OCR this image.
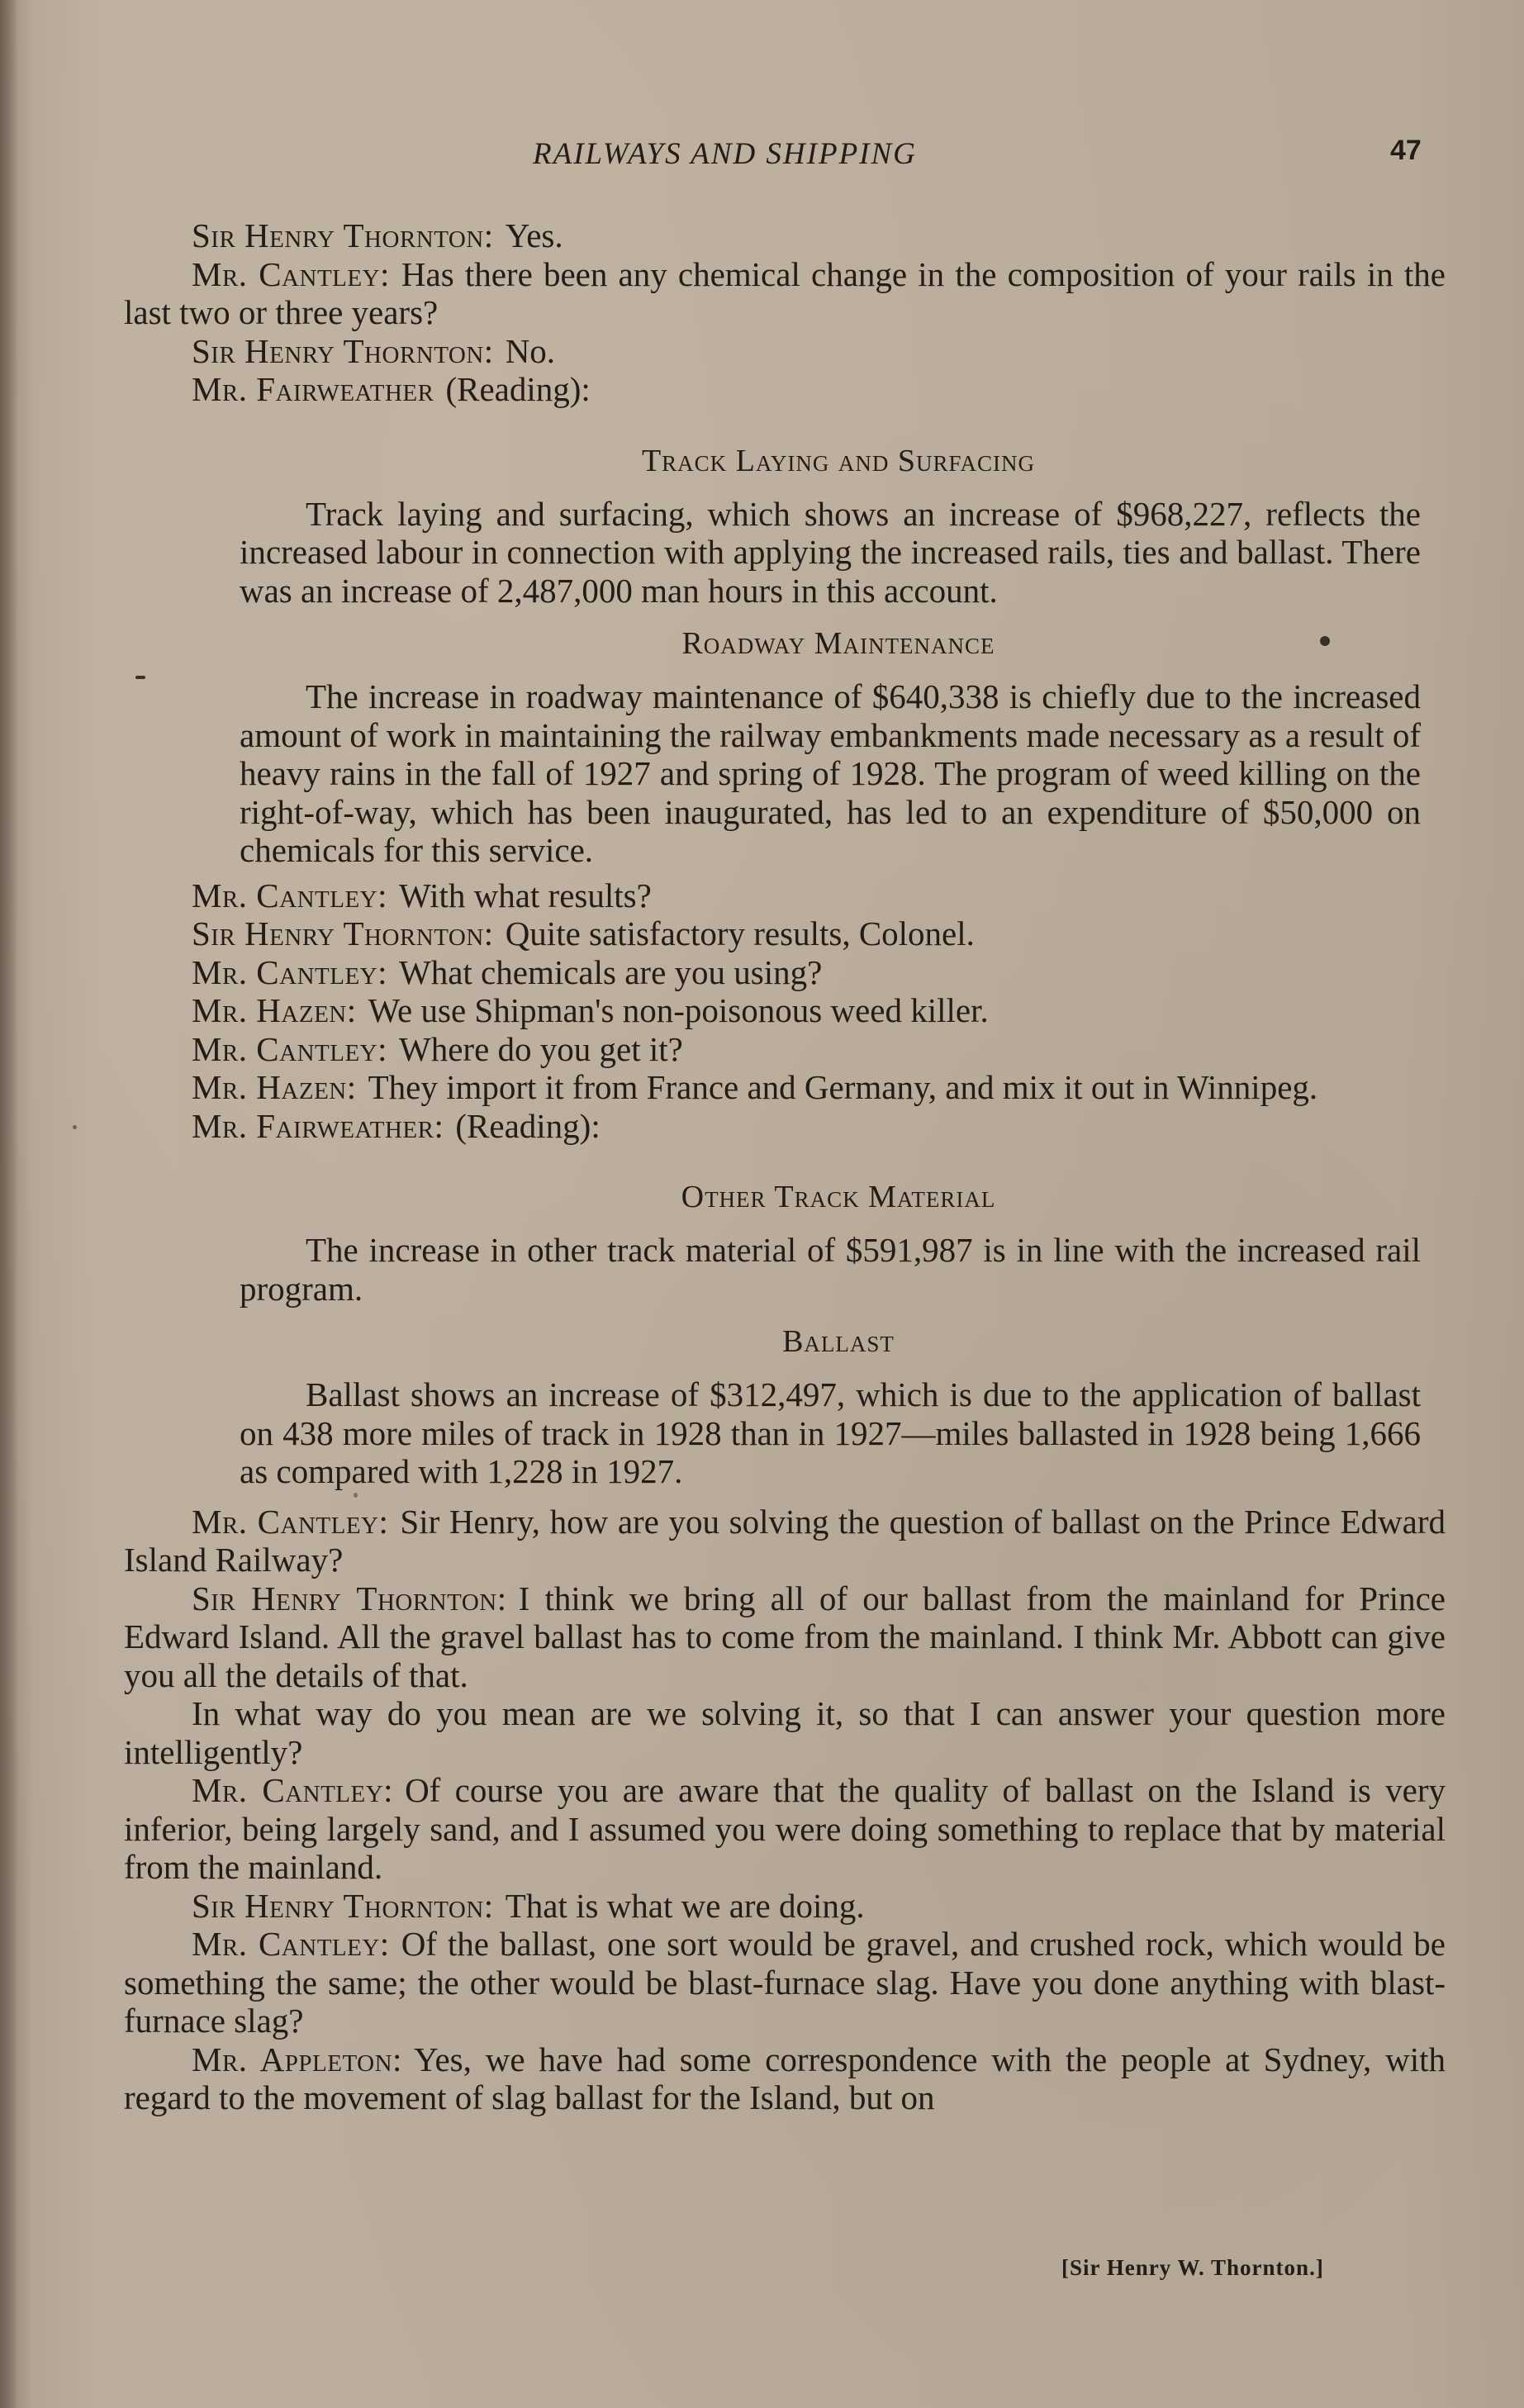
RAILWAYS AND SHIPPING	47

Sir Henry Thornton: Yes.

Mr. Cantley: Has there been any chemical change in the composition of your rails in the last two or three years?

Sir Henry Thornton: No.

Mr. Fairweather (Reading):

Track Laying and Surfacing

Track laying and surfacing, which shows an increase of $968,227, reflects the increased labour in connection with applying the increased rails, ties and ballast. There was an increase of 2,487,000 man hours in this account.

Roadway Maintenance

The increase in roadway maintenance of $640,338 is chiefly due to the increased amount of work in maintaining the railway embankments made necessary as a result of heavy rains in the fall of 1927 and spring of 1928. The program of weed killing on the right-of-way, which has been inaugurated, has led to an expenditure of $50,000 on chemicals for this service.

Mr. Cantley: With what results?

Sir Henry Thornton: Quite satisfactory results, Colonel.

Mr. Cantley: What chemicals are you using?

Mr. Hazen: We use Shipman's non-poisonous weed killer.

Mr. Cantley: Where do you get it?

Mr. Hazen: They import it from France and Germany, and mix it out in Winnipeg.

Mr. Fairweather: (Reading):

Other Track Material

The increase in other track material of $591,987 is in line with the increased rail program.

Ballast

Ballast shows an increase of $312,497, which is due to the application of ballast on 438 more miles of track in 1928 than in 1927—miles ballasted in 1928 being 1,666 as compared with 1,228 in 1927.

Mr. Cantley: Sir Henry, how are you solving the question of ballast on the Prince Edward Island Railway?

Sir Henry Thornton: I think we bring all of our ballast from the mainland for Prince Edward Island. All the gravel ballast has to come from the mainland. I think Mr. Abbott can give you all the details of that.

In what way do you mean are we solving it, so that I can answer your question more intelligently?

Mr. Cantley: Of course you are aware that the quality of ballast on the Island is very inferior, being largely sand, and I assumed you were doing something to replace that by material from the mainland.

Sir Henry Thornton: That is what we are doing.

Mr. Cantley: Of the ballast, one sort would be gravel, and crushed rock, which would be something the same; the other would be blast-furnace slag. Have you done anything with blast-furnace slag?

Mr. Appleton: Yes, we have had some correspondence with the people at Sydney, with regard to the movement of slag ballast for the Island, but on

[Sir Henry W. Thornton.]
